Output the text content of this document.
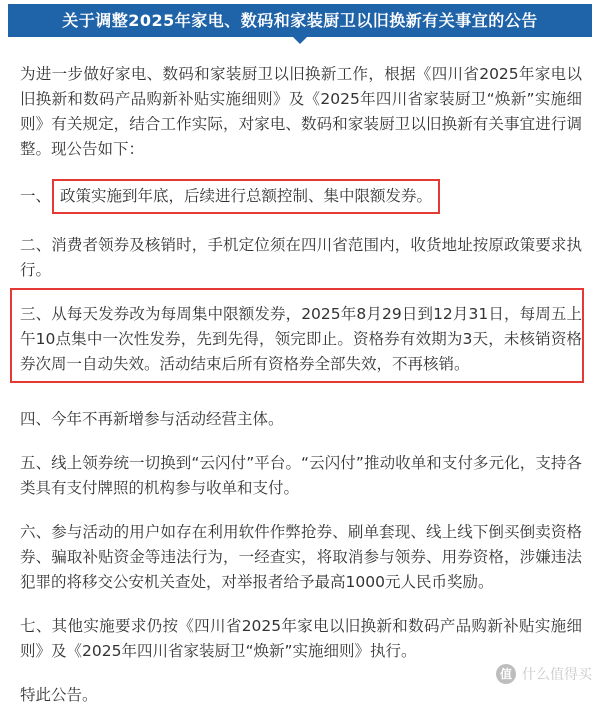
关于调整2025年家电、数码和家装厨卫以旧换新有关事宜的公告

为进一步做好家电、数码和家装厨卫以旧换新工作，根据《四川省2025年家电以旧换新和数码产品购新补贴实施细则》及《2025年四川省家装厨卫“焕新”实施细则》有关规定，结合工作实际，对家电、数码和家装厨卫以旧换新有关事宜进行调整。现公告如下：

一、 政策实施到年底，后续进行总额控制、集中限额发券。

二、消费者领券及核销时，手机定位须在四川省范围内，收货地址按原政策要求执行。

三、从每天发券改为每周集中限额发券，2025年8月29日到12月31日，每周五上午10点集中一次性发券，先到先得，领完即止。资格券有效期为3天，未核销资格券次周一自动失效。活动结束后所有资格券全部失效，不再核销。

四、今年不再新增参与活动经营主体。

五、线上领券统一切换到“云闪付”平台。“云闪付”推动收单和支付多元化，支持各类具有支付牌照的机构参与收单和支付。

六、参与活动的用户如存在利用软件作弊抢券、刷单套现、线上线下倒买倒卖资格券、骗取补贴资金等违法行为，一经查实，将取消参与领券、用券资格，涉嫌违法犯罪的将移交公安机关查处，对举报者给予最高1000元人民币奖励。

七、其他实施要求仍按《四川省2025年家电以旧换新和数码产品购新补贴实施细则》及《2025年四川省家装厨卫“焕新”实施细则》执行。

特此公告。

值 什么值得买
